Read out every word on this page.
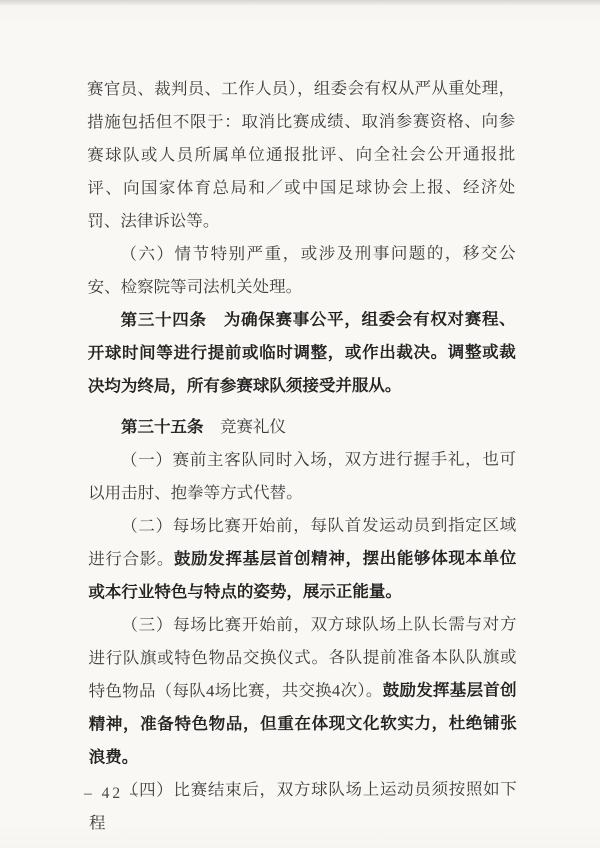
赛官员、裁判员、工作人员），组委会有权从严从重处理，措施包括但不限于：取消比赛成绩、取消参赛资格、向参赛球队或人员所属单位通报批评、向全社会公开通报批评、向国家体育总局和／或中国足球协会上报、经济处罚、法律诉讼等。

（六）情节特别严重，或涉及刑事问题的，移交公安、检察院等司法机关处理。

第三十四条　为确保赛事公平，组委会有权对赛程、开球时间等进行提前或临时调整，或作出裁决。调整或裁决均为终局，所有参赛球队须接受并服从。

第三十五条　竞赛礼仪

（一）赛前主客队同时入场，双方进行握手礼，也可以用击肘、抱拳等方式代替。

（二）每场比赛开始前，每队首发运动员到指定区域进行合影。鼓励发挥基层首创精神，摆出能够体现本单位或本行业特色与特点的姿势，展示正能量。

（三）每场比赛开始前，双方球队场上队长需与对方进行队旗或特色物品交换仪式。各队提前准备本队队旗或特色物品（每队4场比赛，共交换4次）。鼓励发挥基层首创精神，准备特色物品，但重在体现文化软实力，杜绝铺张浪费。

（四）比赛结束后，双方球队场上运动员须按照如下程

– 42 –
